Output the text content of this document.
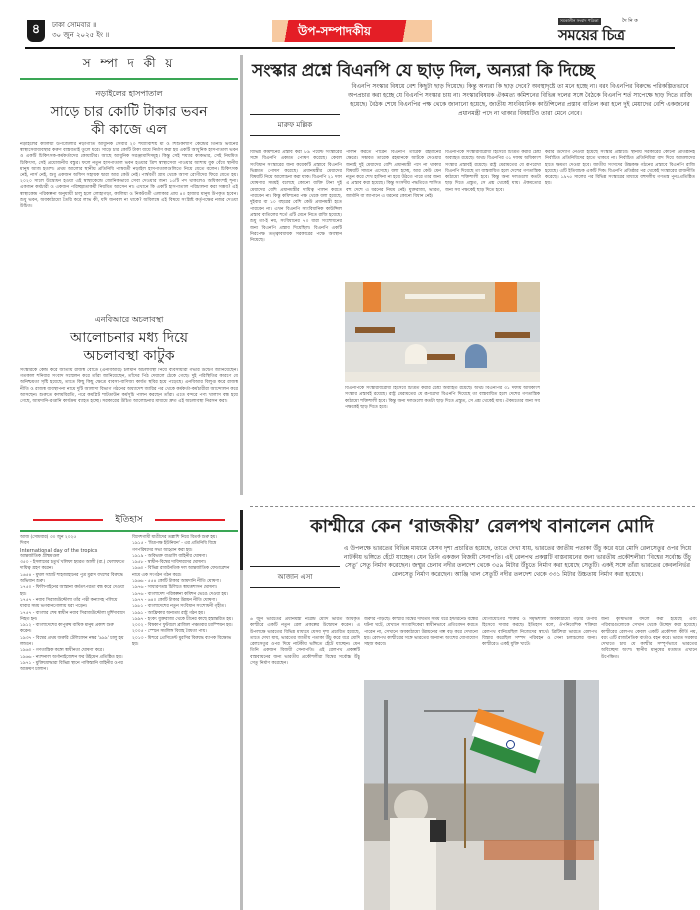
৪	ঢাকা সোমবার ॥
৩০ জুন ২০২৫ ইং ॥	উপ-সম্পাদকীয়
সমকালীন সংবাদ পত্রিকা	দৈ নি ক
সময়ের চিত্র
স ম্পা দ কী য়
নড়াইলের হাসপাতাল
সাড়ে চার কোটি টাকার ভবন
কী কাজে এল
নড়াইলের কালিয়া উপজেলার নড়াগাতি আধুনিক সেবার ২০ শয্যাবিশিষ্ট মা ও শিশুকল্যাণ কেন্দ্রের তিনটি ভবনের স্বাস্থ্যসেবাব্যবস্থার করুণ বাস্তবতাই তুলে ধরে। সাড়ে চার কোটি টাকা ব্যয়ে নির্মাণ করা হয় একটি আধুনিক হাসপাতাল ভবন ও একটি চিকিৎসক-কর্মকর্তাদের কোয়ার্টার। আছে আধুনিক সরঞ্জামাদিসমূহ। কিন্তু সেই শয্যার কাকভার, সেই নিয়মিত চিকিৎসা, সেই প্রয়োজনীয় বস্তুর। ফলে নতুন হাসপাতাল ভবন হওয়ার ত্রিশ স্বাস্থ্যসেবা পাওয়ার আশায় বুক বেঁধে স্থানীয় মানুষ আজ হতাশ। প্রথম আলোর স্থানীয় প্রতিনিধি পাশ্ববর্তী নড়াইল হাসপাতালগুলিতে নিয়ে যেতে বলেন। চিকিৎসক নেই, নার্স নেই, শুধু একজন অফিস সহায়ক দ্বারা আর কেউ নেই। পার্শ্ববর্তী গ্রাম থেকে আসা রোগীদের ফিরে যেতে হয়। ২০২০ সালে উদ্বোধন হওয়া এই স্বাস্থ্যকেন্দ্রে জোনিকভাবে সেবা দেওয়ার জন্য ১৫টি পদ থাকলেও অধিকাংশই শূন্য। একজন কর্মচারী ও একজন পরিচ্ছন্নতাকর্মী নিয়মিত আসেন না। এখানে কি একটি হাসপাতাল পরিচালনা করা সম্ভব? এই স্বাস্থ্যকেন্দ্র পরিকল্পনা অনুযায়ী চালু হলে লোহাগড়া, কালিয়া ও নিকটবর্তী এলাকার প্রায় ৪০ হাজার মানুষ উপকৃত হবেন। শুধু ভবন, অবকাঠামো তৈরি করে লাভ কী, যদি জনবল না থাকে? অবিলম্বে এই বিষয়ে সংশ্লিষ্ট কর্তৃপক্ষের নজর দেওয়া উচিত।
এনবিআরে অচলাবস্থা
আলোচনার মধ্য দিয়ে
অচলাবস্থা কাটুক
সংস্কারকে কেন্দ্র করে জাতীয় রাজস্ব বোর্ডে (এনবিআর) চলমান অচলাবস্থা নিয়ে ব্যবসায়ীরা গভীর উদ্বেগ জানিয়েছেন। গতকাল শনিবার সংবাদ সম্মেলন করে তাঁরা জানিয়েছেন, তাঁদের পিঠ দেয়ালে ঠেকে গেছে। দুই পরিস্থিতির কারণে যে অনিশ্চয়তা সৃষ্টি হয়েছে, তাতে কিছু কিছু ক্ষেত্রে ব্যবসা-বাণিজ্য কার্যত স্থবির হয়ে পড়েছে। এনবিআর বিলুপ্ত করে রাজস্ব নীতি ও রাজস্ব ব্যবস্থাপনা নামে দুটি আলাদা বিভাগ গঠনের অধ্যাদেশ জারির পর থেকে কর্মকর্তা-কর্মচারীরা আন্দোলন করে আসছেন। শুরুতে কলমবিরতি, পরে কমপ্লিট শাটডাউন কর্মসূচি পালন করছেন তাঁরা। এতে বন্দরে পণ্য খালাস বন্ধ হয়ে গেছে, আমদানি-রপ্তানি কার্যক্রম ব্যাহত হচ্ছে। সরকারের উচিত আলোচনার মাধ্যমে দ্রুত এই অচলাবস্থা নিরসন করা।
ইতিহাস
আজ (সোমবার) ৩০ জুন ২০২৫
দিবস
International day of the tropics
আন্তর্জাতিক গ্রীষ্মমণ্ডল
৩৫০ - ইসলামের চতুর্থ খলিফা হযরত আলী (রা.) খেলাফতে দায়িত্ব গ্রহণ করেন।
১৬৫৪ - মুঘল সম্রাট শাহজাহানের পুত্র মুরাদ বখশের বিরুদ্ধে অভিযান শুরু।
১৭৫০ - ফিলিপাইনের আস্তানা কর্মতৎপরতা বন্ধ করে দেওয়া হয়।
১৭৫৭ - নবাব সিরাজউদ্দৌলা তাঁর পত্নী কন্যাসহ পলিয়ে যাবার সময় ভগবানগোলায় ধরা পড়েন।
১৭৫৭ - বাংলার শেষ স্বাধীন নবাব সিরাজউদ্দৌলা মুর্শিদাবাদে নিহত হন।
১৯১২ - বাংলাদেশের কাপুরুষ বাঘিক মানুষ প্রকাশ শুরু করেন।
১৯৩৭ - বিশ্বের প্রথম জরুরি টেলিফোন নম্বর '৯৯৯' চালু হয় লন্ডনে।
১৯৬০ - গণতান্ত্রিক কঙ্গো স্বাধীনতা ঘোষণা করে।
১৯৬৬ - ন্যাশনাল অর্গানাইজেশন ফর উইমেন প্রতিষ্ঠিত হয়।
১৯৭১ - মুক্তিযোদ্ধারা বিভিন্ন স্থানে পাকিস্তানি বাহিনীর ওপর আক্রমণ চালান।
বিদেশগামী যাত্রীদের তল্লাশি নিয়ে বিতর্ক শুরু হয়।
১৯১৫ - 'মিত্রপক্ষ ইউনিয়ন' - এর প্রতিনিধি বিশ্বে গণপরিষদের সভা আহ্বান করা হয়।
১৯১৯ - অবিভক্ত বাঙালি বাহিনীর ঘোষণা।
১৯৫৮ - স্বাধীন-বিশ্বের দাবিদারদের ঘোষণা।
১৯৬০ - বিভিন্ন রাজনৈতিক দল আন্তর্জাতিক ফেডারেশন নামে এক সংগঠন গঠন করে।
১৯৬৬ - ৫৫৪ কোটি টাকার আমদানি নীতি ঘোষণা।
১৯৭৬ - সাধারণতন্ত্র চিলিতে স্বায়ত্তশাসন ঘোষণা।
১৯৭৬ - বাংলাদেশ পরিকল্পনা কমিশন ভেঙে দেওয়া হয়।
১৯৭৭ - ৬৪০ কোটি টাকার উন্নয়ন নীতি ঘোষণা।
১৯৮১ - বাংলাদেশের নতুন সংবিধান সংশোধনী গৃহীত।
১৯৯১ - আফ্রিকার অন্যতম রাষ্ট্র গঠন হয়।
১৯৯৭ - হংকং যুক্তরাজ্য থেকে চীনের কাছে হস্তান্তরিত হয়।
২০০২ - বিশ্বকাপ ফুটবলে ব্রাজিল পঞ্চমবার চ্যাম্পিয়ন হয়।
২০০৫ - স্পেনে সমলিঙ্গ বিবাহ বৈধতা পায়।
২০১৩ - মিশরে প্রেসিডেন্ট মুরসির বিরুদ্ধে ব্যাপক বিক্ষোভ হয়।
সংস্কার প্রশ্নে বিএনপি যে ছাড় দিল, অন্যরা কি দিচ্ছে
মারুফ মল্লিক
বিএনপি সংস্কার বিষয়ে বেশ কিছুটা ছাড় দিয়েছে। কিন্তু অন্যরা কি ছাড় দেবে? অবস্থাদৃষ্টে তা মনে হচ্ছে না। বরং বিএনপির বিরুদ্ধে পরিকল্পিতভাবে অপপ্রচার করা হচ্ছে যে বিএনপি সংস্কার চায় না। সংস্কারবিষয়ক ঐকমত্য কমিশনের বিভিন্ন দলের সঙ্গে বৈঠকে বিএনপি শর্ত সাপেক্ষে ছাড় দিতে রাজি হয়েছে। বৈঠক শেষে বিএনপির পক্ষ থেকে জানানো হয়েছে, জাতীয় সাংবিধানিক কাউন্সিলের প্রস্তাব বাতিল করা হলে দুই মেয়াদের বেশি একজনের প্রধানমন্ত্রী পদে না থাকার বিষয়টিও তারা মেনে নেবে।
বিভিন্ন কমিশনের প্রস্তাব করা ৮৯ পয়েন্ট সংস্কারের সঙ্গে বিএনপি একমত পোষণ করেছে। কেবল সংবিধান সংস্কারের জন্য কয়েকটি প্রস্তাবে বিএনপি ভিন্নমত পোষণ করেছে। প্রধানমন্ত্রীর মেয়াদের বিষয়টি নিয়ে আলোচনা করা যাক। বিএনপি ২১ দফা ঘোষণার সময়ই বলেছে কোনো ব্যক্তি টানা দুই মেয়াদের বেশি প্রধানমন্ত্রীর দায়িত্ব পালন করতে পারবেন না। কিন্তু কমিশনের পক্ষ থেকে বলা হয়েছে, দুইবার বা ১০ বছরের বেশি কেউ প্রধানমন্ত্রী হতে পারবেন না। এখন বিএনপি সাংবিধানিক কাউন্সিল প্রস্তাব বাতিলের শর্তে এটি মেনে নিতে রাজি হয়েছে। শুধু তা-ই নয়, সংবিধানের ৭০ ধারা সংশোধনের জন্য বিএনপি প্রস্তাব দিয়েছিল। বিএনপি একটি নিরপেক্ষ তত্ত্বাবধায়ক সরকারের পক্ষে অবস্থান নিয়েছে।
পালন করতে পারেন বিএনপি তারেক রহমানের ক্ষেত্রে। সম্ভবত তারেক রহমানকে আটকে দেওয়ার জন্যই দুই মেয়াদের বেশি প্রধানমন্ত্রী পদে না থাকার বিষয়টি সামনে এসেছে। বলা হচ্ছে, আর কেউ যেন নতুন করে শেখ হাসিনা না হয়ে উঠতে পারে তার জন্য এ প্রস্তাব করা হয়েছে। কিন্তু সংসদীয় পদ্ধতিতে শাসিত বহু দেশে এ ধরনের নিয়ম নেই। যুক্তরাজ্য, ভারত, জার্মানি বা জাপানে এ ধরনের কোনো বিধান নেই।
বিএনপিকে সংস্কারবিরোধী হিসেবে চিত্রিত করার চেষ্টা অব্যাহত রয়েছে। অথচ বিএনপির ৩১ দফায় অধিকাংশ সংস্কার প্রস্তাবই রয়েছে। রাষ্ট্র মেরামতের যে রূপরেখা বিএনপি দিয়েছে তা বাস্তবায়িত হলে দেশের গণতান্ত্রিক কাঠামো শক্তিশালী হবে। কিন্তু অন্য দলগুলো কতটা ছাড় দিতে প্রস্তুত, সে প্রশ্ন থেকেই যায়। ঐকমত্যের জন্য সব পক্ষকেই ছাড় দিতে হবে।
করার উদ্যোগ নেওয়া হয়েছে সংস্কার প্রস্তাবে। স্থানীয় সরকারের কোনো প্রতিষ্ঠানই নির্বাচিত প্রতিনিধিদের হাতে থাকবে না। নির্বাচিত প্রতিনিধিরা বাদ দিয়ে আমলাদের হাতে ক্ষমতা দেওয়া হবে। জাতীয় সংসদের উচ্চকক্ষ গঠনের প্রস্তাবে বিএনপি রাজি হয়েছে। এটি ইতিবাচক একটি দিক। বিএনপি প্রতিষ্ঠার পর থেকেই সংস্কারের রাজনীতি করেছে। ১৯৭৫ সালের পর বিভিন্ন সংস্কারের মাধ্যমে বহুদলীয় গণতন্ত্র পুনঃপ্রতিষ্ঠিত হয়।
বিএনপিকে সংস্কারবিরোধী হিসেবে চিত্রিত করার চেষ্টা অব্যাহত রয়েছে। অথচ বিএনপির ৩১ দফায় অধিকাংশ সংস্কার প্রস্তাবই রয়েছে। রাষ্ট্র মেরামতের যে রূপরেখা বিএনপি দিয়েছে তা বাস্তবায়িত হলে দেশের গণতান্ত্রিক কাঠামো শক্তিশালী হবে। কিন্তু অন্য দলগুলো কতটা ছাড় দিতে প্রস্তুত, সে প্রশ্ন থেকেই যায়। ঐকমত্যের জন্য সব পক্ষকেই ছাড় দিতে হবে।
কাশ্মীরে কেন ‘রাজকীয়’ রেলপথ বানালেন মোদি
আজান এসা
এ উপলক্ষে ভারতের বিভিন্ন মাধ্যমে যেসব দৃশ্য প্রচারিত হয়েছে, তাতে দেখা যায়, ভারতের জাতীয় পতাকা উঁচু করে ধরে মোদি রেলসেতুর ওপর দিয়ে নাটকীয় ভঙ্গিতে হেঁটে যাচ্ছেন। যেন তিনি একজন বিজয়ী সেনাপতি। এই রেলপথ প্রকল্পটি বাস্তবায়নের জন্য ভারতীয় প্রকৌশলীরা ‘বিশ্বের সর্বোচ্চ উঁচু সেতু’ সেতু নির্মাণ করেছেন। জম্মুর চেনাব নদীর তলদেশ থেকে ৩৫৯ মিটার উঁচুতে নির্মাণ করা হয়েছে সেতুটি। একই সঙ্গে তাঁরা ভারতের কেবলনির্ভর রেলসেতু নির্মাণ করেছেন। আঞ্জি খাল সেতুটি নদীর তলদেশ থেকে ৩৩১ মিটার উচ্চতায় নির্মাণ করা হয়েছে।
৬ জুন ভারতের প্রধানমন্ত্রী নরেন্দ্র মোদি ভারত অধিকৃত কাশ্মীরে একটি নতুন রেল প্রকল্পের উদ্বোধন করেন। এ উপলক্ষে ভারতের বিভিন্ন মাধ্যমে যেসব দৃশ্য প্রচারিত হয়েছে, তাতে দেখা যায়, ভারতের জাতীয় পতাকা উঁচু করে ধরে মোদি রেলসেতুর ওপর দিয়ে নাটকীয় ভঙ্গিতে হেঁটে যাচ্ছেন। যেন তিনি একজন বিজয়ী সেনাপতি। এই রেলপথ প্রকল্পটি বাস্তবায়নের জন্য ভারতীয় প্রকৌশলীরা বিশ্বের সর্বোচ্চ উঁচু সেতু নির্মাণ করেছেন।
জরুরি পাড়ছে। কাশ্মীর বিশ্বের দীর্ঘতম সময় ধরে ইন্টারনেট বন্ধের ঘটনা ঘটে, যেখানে সাংবাদিকেরা স্বাধীনভাবে প্রতিবেদন করতে পারেন না, সেখানে অবকাঠামো উন্নয়নের গল্প বড় করে দেখানো হয়। রেলপথ কাশ্মীরের সঙ্গে ভারতের অন্যান্য অংশের যোগাযোগ সহজ করবে।
যোগাযোগের শক্তির ও সমৃদ্ধশালী অবকাঠামো গড়ার উপায় হিসেবে দাবার করছে। ইতিহাস বলে, ঔপনিবেশিক শক্তিরা রেলপথ বানিয়েছিল নিজেদের স্বার্থে। ব্রিটিশরা ভারতে রেলপথ বিস্তার করেছিল সম্পদ পরিবহন ও সেনা চলাচলের জন্য। কাশ্মীরেও একই যুক্তি খাটে।
জন্য কৃষিভিত্তি বদলে করা হয়েছে এবং পরিবারগুলোকে সেখান থেকে উচ্ছেদ করা হয়েছে। কাশ্মীরের রেলপথ কেবল একটি প্রকৌশল কীর্তি নয়, বরং এটি রাজনৈতিক বার্তাও বহন করে। ভারত সরকার দেখাতে চায় যে কাশ্মীর সম্পূর্ণভাবে ভারতের অবিচ্ছেদ্য অংশ। স্থানীয় মানুষের মতামত এখানে উপেক্ষিত।
